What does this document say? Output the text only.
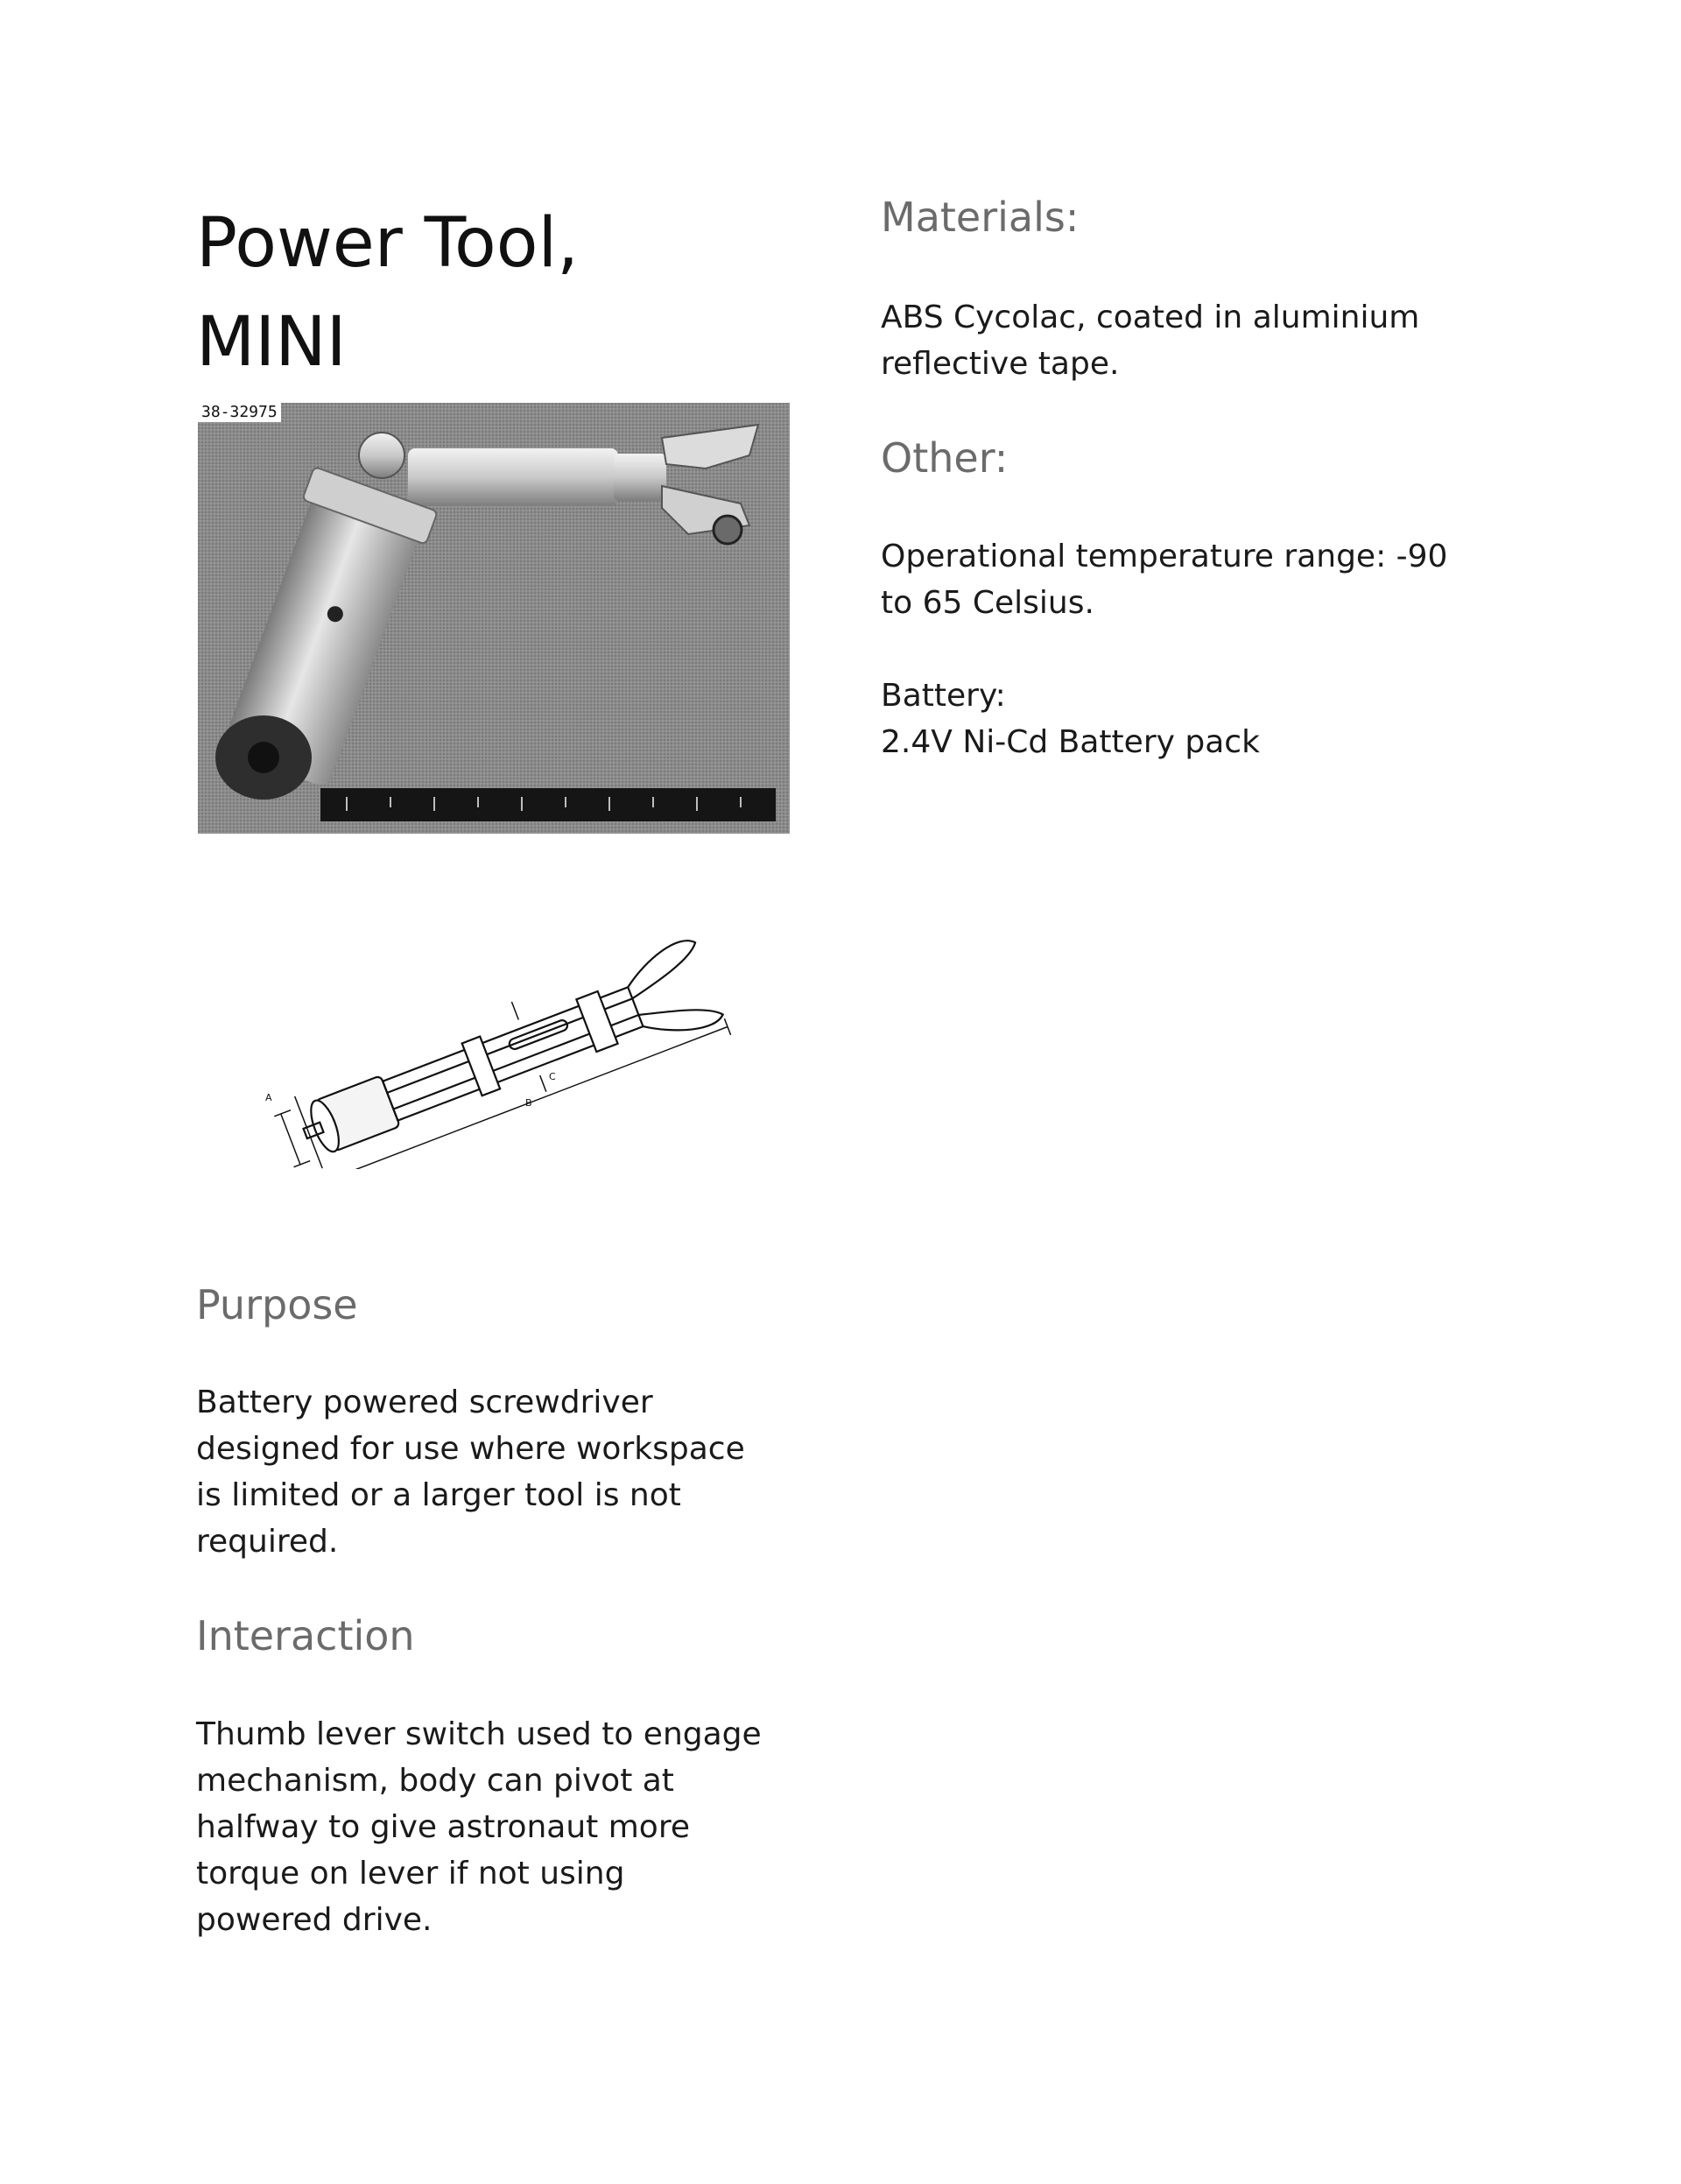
Power Tool,
MINI
38-32975
A
C
B
Purpose
Battery powered screwdriver
designed for use where workspace
is limited or a larger tool is not
required.
Interaction
Thumb lever switch used to engage
mechanism, body can pivot at
halfway to give astronaut more
torque on lever if not using
powered drive.
Materials:
ABS Cycolac, coated in aluminium
reflective tape.
Other:
Operational temperature range: -90
to 65 Celsius.
Battery:
2.4V Ni-Cd Battery pack
